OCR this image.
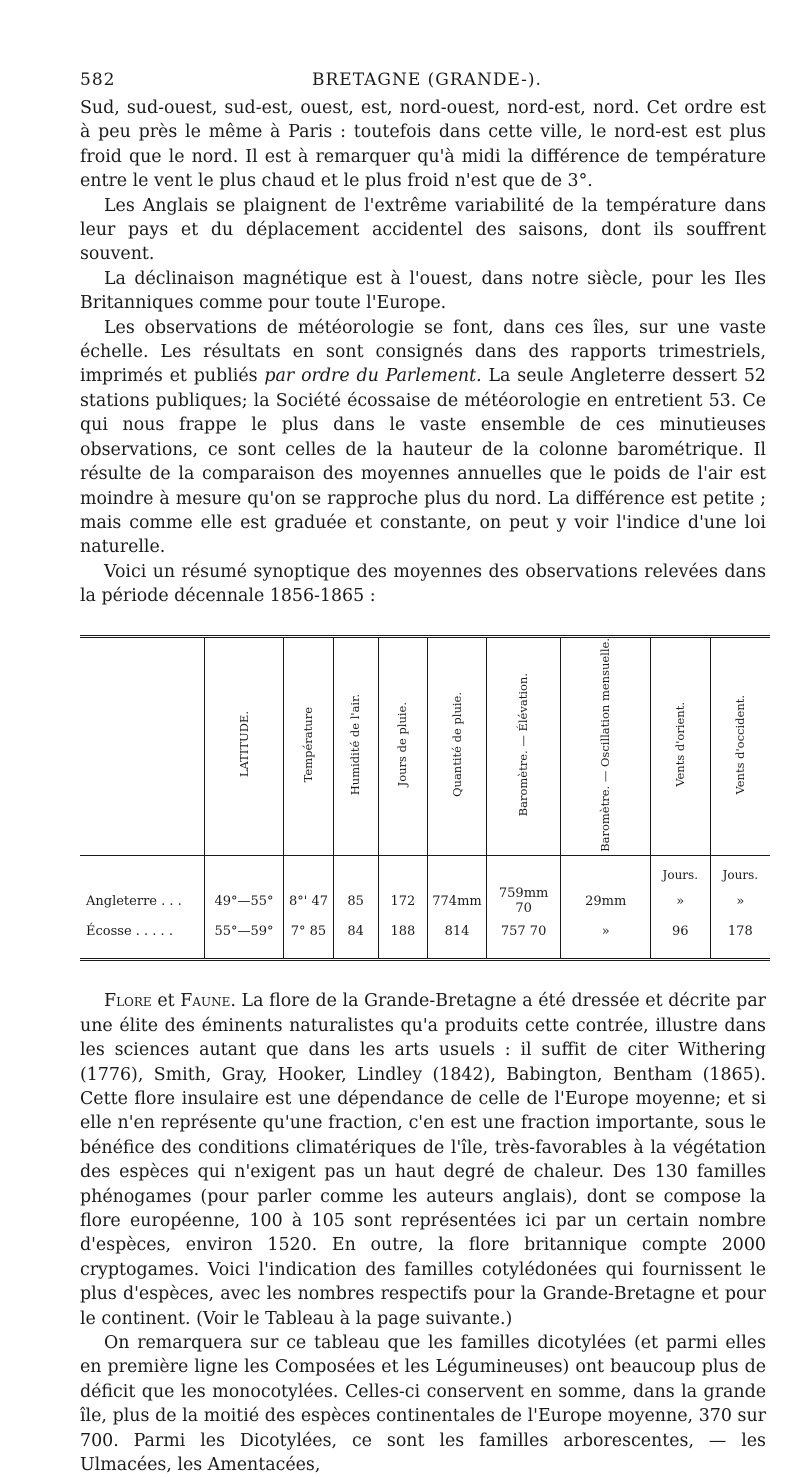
582	BRETAGNE (GRANDE-).

Sud, sud-ouest, sud-est, ouest, est, nord-ouest, nord-est, nord. Cet ordre est à peu près le même à Paris : toutefois dans cette ville, le nord-est est plus froid que le nord. Il est à remarquer qu'à midi la différence de température entre le vent le plus chaud et le plus froid n'est que de 3°.

Les Anglais se plaignent de l'extrême variabilité de la température dans leur pays et du déplacement accidentel des saisons, dont ils souffrent souvent.

La déclinaison magnétique est à l'ouest, dans notre siècle, pour les Iles Britanniques comme pour toute l'Europe.

Les observations de météorologie se font, dans ces îles, sur une vaste échelle. Les résultats en sont consignés dans des rapports trimestriels, imprimés et publiés par ordre du Parlement. La seule Angleterre dessert 52 stations publiques; la Société écossaise de météorologie en entretient 53. Ce qui nous frappe le plus dans le vaste ensemble de ces minutieuses observations, ce sont celles de la hauteur de la colonne barométrique. Il résulte de la comparaison des moyennes annuelles que le poids de l'air est moindre à mesure qu'on se rapproche plus du nord. La différence est petite ; mais comme elle est graduée et constante, on peut y voir l'indice d'une loi naturelle.

Voici un résumé synoptique des moyennes des observations relevées dans la période décennale 1856-1865 :

	LATITUDE.	Température	Humidité de l'air.	Jours de pluie.	Quantité de pluie.	Baromètre. — Élévation.	Baromètre. — Oscillation mensuelle.	Vents d'orient.	Vents d'occident.
								Jours.	Jours.
Angleterre . . .	49°—55°	8°' 47	85	172	774mm	759mm 70	29mm	»	»
Écosse . . . . .	55°—59°	7° 85	84	188	814	757 70	»	96	178

Flore et Faune. La flore de la Grande-Bretagne a été dressée et décrite par une élite des éminents naturalistes qu'a produits cette contrée, illustre dans les sciences autant que dans les arts usuels : il suffit de citer Withering (1776), Smith, Gray, Hooker, Lindley (1842), Babington, Bentham (1865). Cette flore insulaire est une dépendance de celle de l'Europe moyenne; et si elle n'en représente qu'une fraction, c'en est une fraction importante, sous le bénéfice des conditions climatériques de l'île, très-favorables à la végétation des espèces qui n'exigent pas un haut degré de chaleur. Des 130 familles phénogames (pour parler comme les auteurs anglais), dont se compose la flore européenne, 100 à 105 sont représentées ici par un certain nombre d'espèces, environ 1520. En outre, la flore britannique compte 2000 cryptogames. Voici l'indication des familles cotylédonées qui fournissent le plus d'espèces, avec les nombres respectifs pour la Grande-Bretagne et pour le continent. (Voir le Tableau à la page suivante.)

On remarquera sur ce tableau que les familles dicotylées (et parmi elles en première ligne les Composées et les Légumineuses) ont beaucoup plus de déficit que les monocotylées. Celles-ci conservent en somme, dans la grande île, plus de la moitié des espèces continentales de l'Europe moyenne, 370 sur 700. Parmi les Dicotylées, ce sont les familles arborescentes, — les Ulmacées, les Amentacées,
